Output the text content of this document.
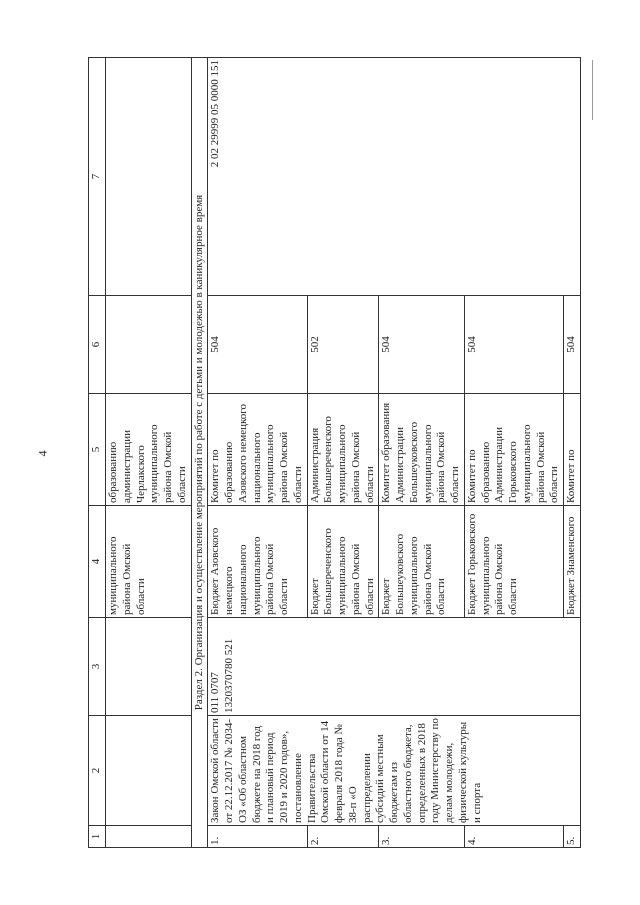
4
1	2	3	4	5	6	7
			муниципального района Омской области	образованию администрации Черлакского муниципального района Омской области		
Раздел 2. Организация и осуществление мероприятий по работе с детьми и молодежью в каникулярное время						
1.	Закон Омской области от 22.12.2017 № 2034-ОЗ «Об областном бюджете на 2018 год и плановый период 2019 и 2020 годов», постановление Правительства Омской области от 14 февраля 2018 года № 38-п «О распределении субсидий местным бюджетам из областного бюджета, определенных в 2018 году Министерству по делам молодежи, физической культуры и спорта	011 0707 1320370780 521	Бюджет Азовского немецкого национального муниципального района Омской области	Комитет по образованию Азовского немецкого национального муниципального района Омской области	504	2 02 29999 05 0000 151
2.			Бюджет Большереченского муниципального района Омской области	Администрация Большереченского муниципального района Омской области	502	
3.			Бюджет Большеуковского муниципального района Омской области	Комитет образования Администрации Большеуковского муниципального района Омской области	504	
4.			Бюджет Горьковского муниципального района Омской области	Комитет по образованию Администрации Горьковского муниципального района Омской области	504	
5.			Бюджет Знаменского	Комитет по	504	
